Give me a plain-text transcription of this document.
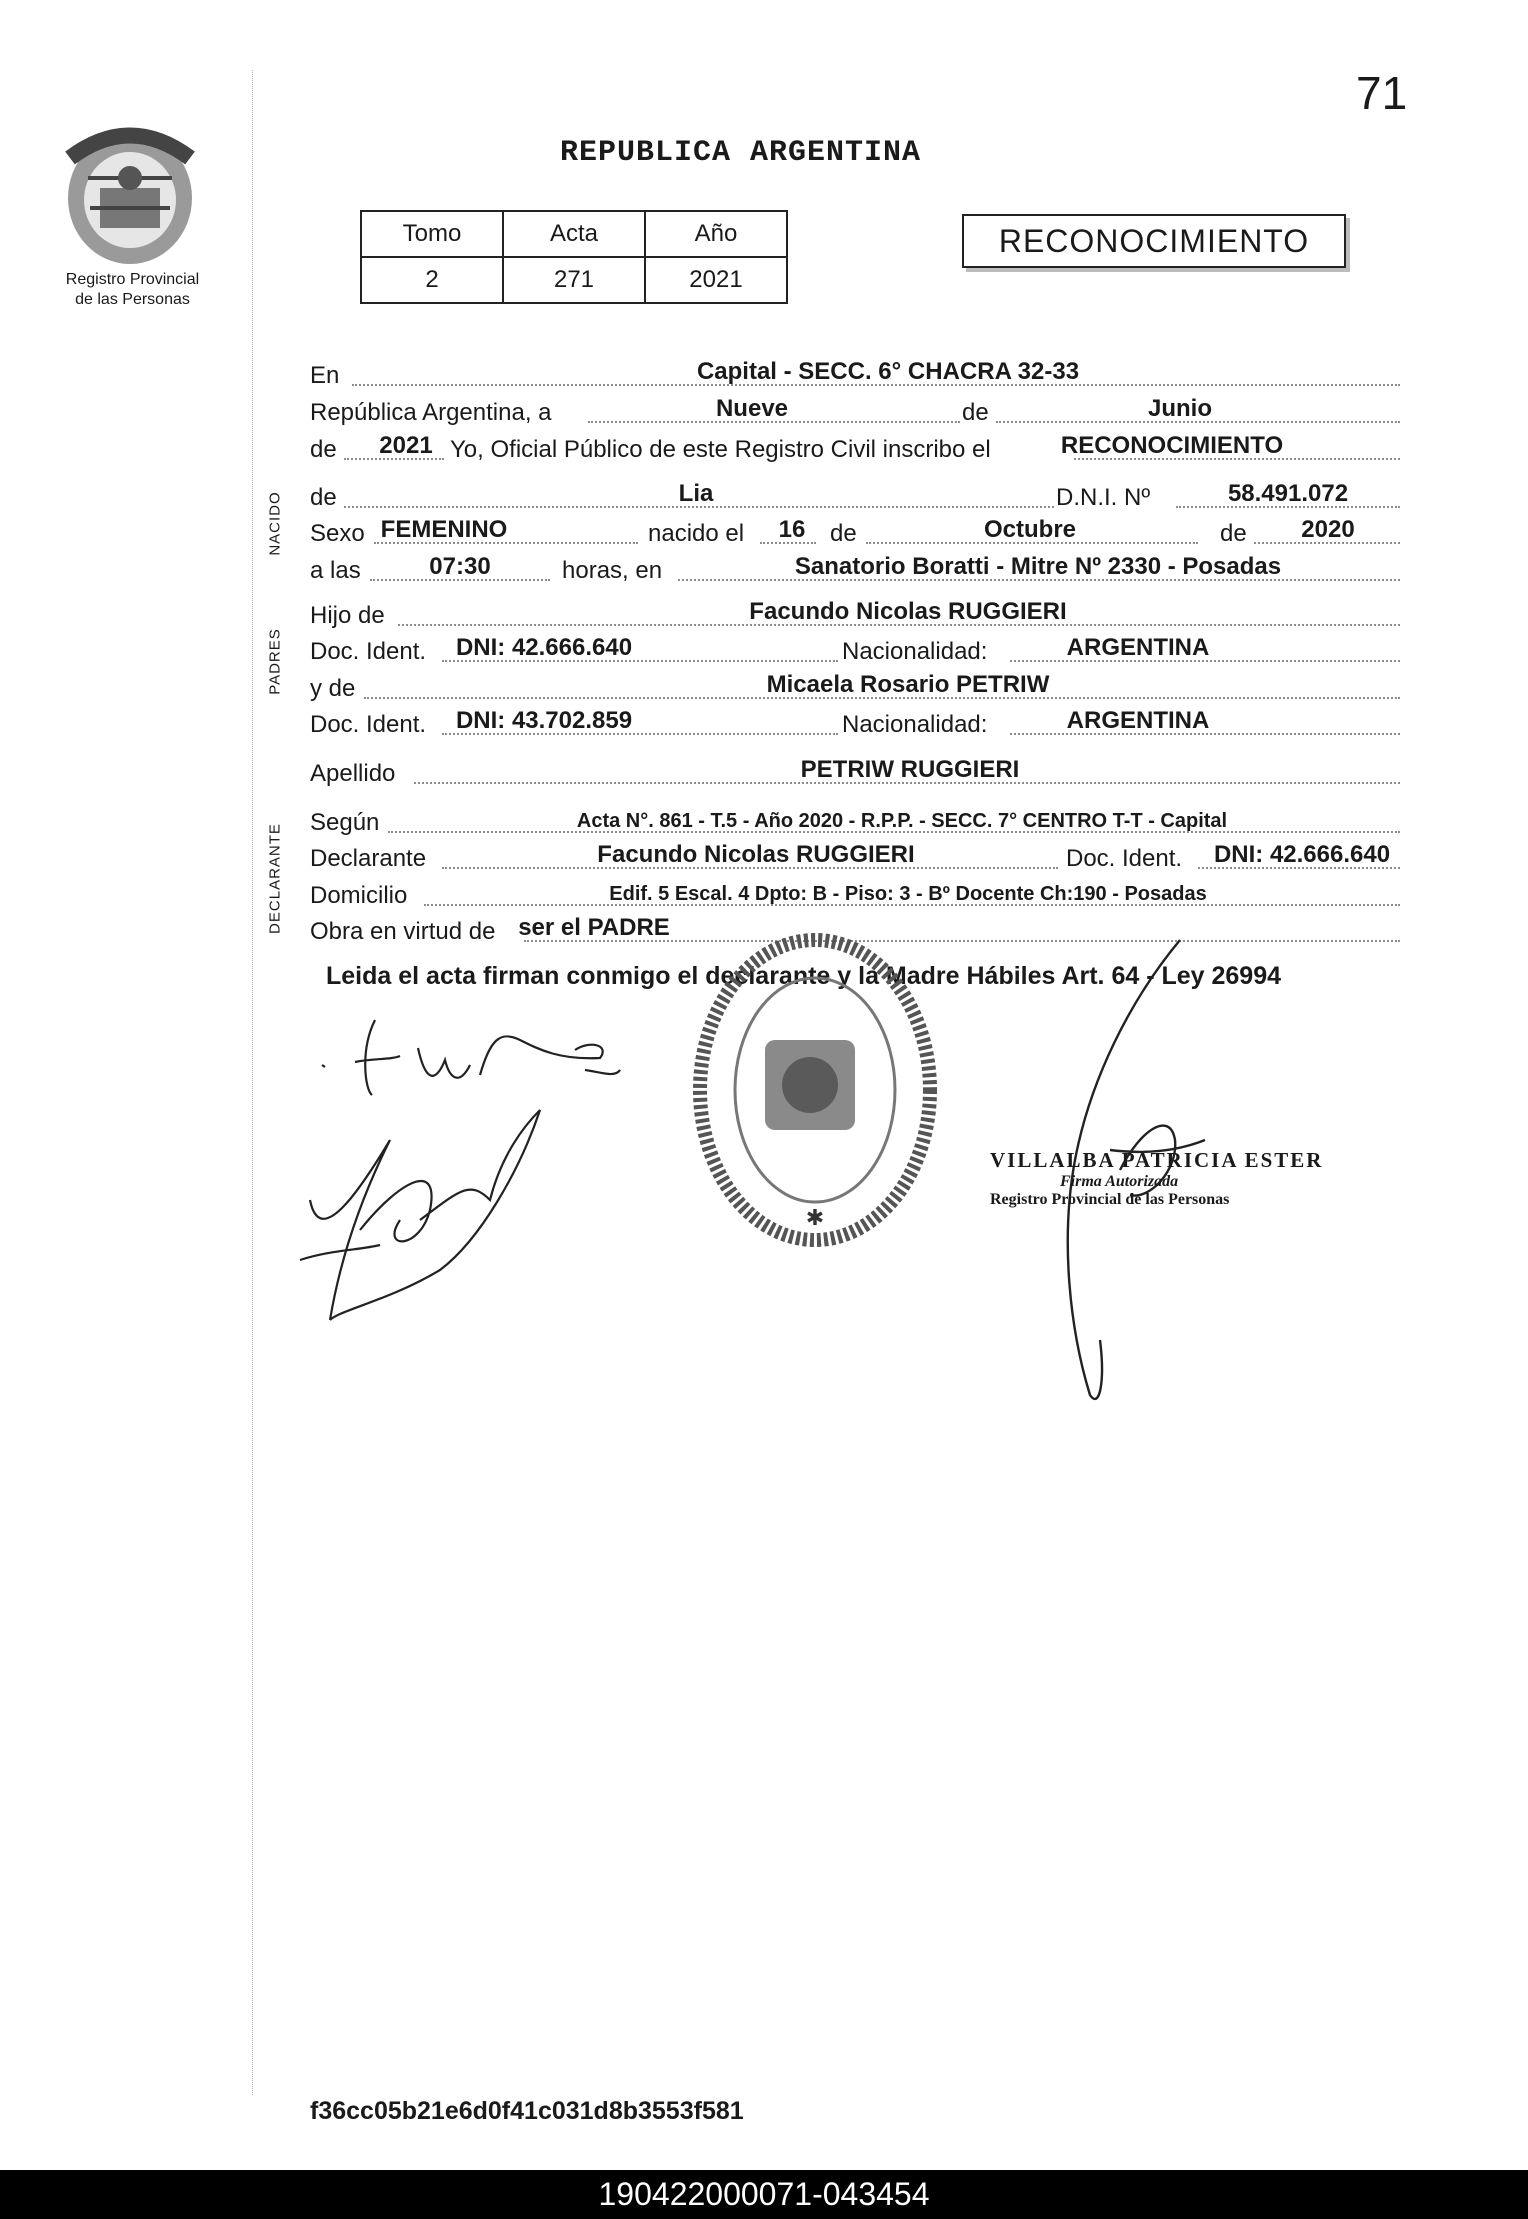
71
Registro Provincial
de las Personas
REPUBLICA ARGENTINA
Tomo	Acta	Año
2	271	2021
RECONOCIMIENTO
NACIDO
PADRES
DECLARANTE
En	Capital - SECC. 6° CHACRA 32-33
República Argentina, a	Nueve	de	Junio
de 2021 Yo, Oficial Público de este Registro Civil inscribo el	RECONOCIMIENTO
de	Lia	D.N.I. Nº	58.491.072
Sexo FEMENINO	nacido el 16 de	Octubre	de 2020
a las	07:30	horas, en	Sanatorio Boratti - Mitre Nº 2330 - Posadas
Hijo de	Facundo Nicolas RUGGIERI
Doc. Ident. DNI: 42.666.640	Nacionalidad:	ARGENTINA
y de	Micaela Rosario PETRIW
Doc. Ident. DNI: 43.702.859	Nacionalidad:	ARGENTINA
Apellido	PETRIW RUGGIERI
Según	Acta N°. 861 - T.5 - Año 2020 - R.P.P. - SECC. 7° CENTRO T-T - Capital
Declarante	Facundo Nicolas RUGGIERI	Doc. Ident. DNI: 42.666.640
Domicilio	Edif. 5 Escal. 4 Dpto: B - Piso: 3 - Bº Docente Ch:190 - Posadas
Obra en virtud de ser el PADRE
Leida el acta firman conmigo el declarante y la Madre Hábiles Art. 64 - Ley 26994
✱
VILLALBA PATRICIA ESTER
Firma Autorizada
Registro Provincial de las Personas
f36cc05b21e6d0f41c031d8b3553f581
190422000071-043454
